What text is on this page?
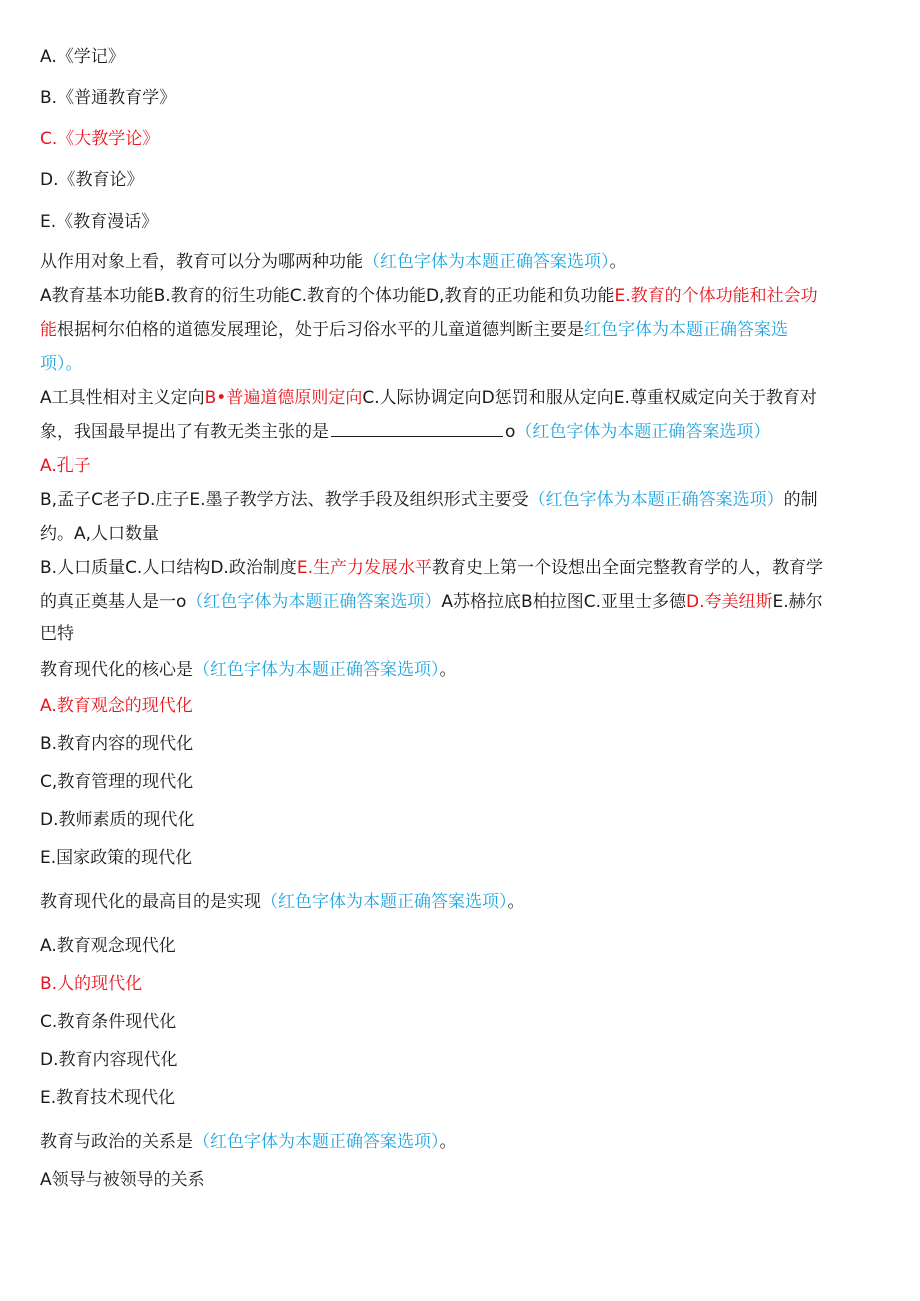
A.《学记》
B.《普通教育学》
C.《大教学论》
D.《教育论》
E.《教育漫话》
从作用对象上看，教育可以分为哪两种功能（红色字体为本题正确答案选项）。
A教育基本功能B.教育的衍生功能C.教育的个体功能D,教育的正功能和负功能E.教育的个体功能和社会功
能根据柯尔伯格的道德发展理论，处于后习俗水平的儿童道德判断主要是红色字体为本题正确答案选
项）。
A工具性相对主义定向B•普遍道德原则定向C.人际协调定向D惩罚和服从定向E.尊重权威定向关于教育对
象，我国最早提出了有教无类主张的是	o（红色字体为本题正确答案选项）
A.孔子
B,孟子C老子D.庄子E.墨子教学方法、教学手段及组织形式主要受（红色字体为本题正确答案选项）的制
约。A,人口数量
B.人口质量C.人口结构D.政治制度E.生产力发展水平教育史上第一个设想出全面完整教育学的人，教育学
的真正奠基人是一o（红色字体为本题正确答案选项）A苏格拉底B柏拉图C.亚里士多德D.夸美纽斯E.赫尔
巴特
教育现代化的核心是（红色字体为本题正确答案选项）。
A.教育观念的现代化
B.教育内容的现代化
C,教育管理的现代化
D.教师素质的现代化
E.国家政策的现代化
教育现代化的最高目的是实现（红色字体为本题正确答案选项）。
A.教育观念现代化
B.人的现代化
C.教育条件现代化
D.教育内容现代化
E.教育技术现代化
教育与政治的关系是（红色字体为本题正确答案选项）。
A领导与被领导的关系
